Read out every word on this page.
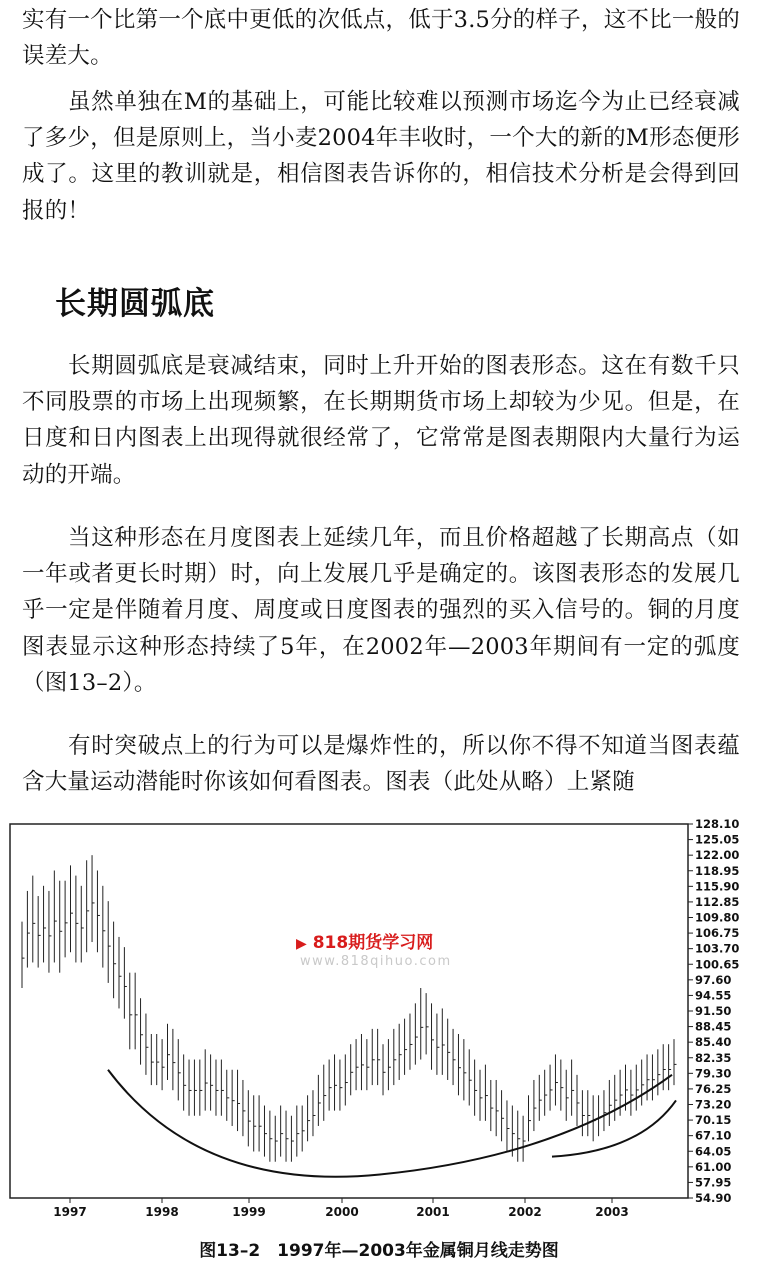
实有一个比第一个底中更低的次低点，低于3.5分的样子，这不比一般的误差大。
虽然单独在M的基础上，可能比较难以预测市场迄今为止已经衰减了多少，但是原则上，当小麦2004年丰收时，一个大的新的M形态便形成了。这里的教训就是，相信图表告诉你的，相信技术分析是会得到回报的！
长期圆弧底
长期圆弧底是衰减结束，同时上升开始的图表形态。这在有数千只不同股票的市场上出现频繁，在长期期货市场上却较为少见。但是，在日度和日内图表上出现得就很经常了，它常常是图表期限内大量行为运动的开端。
当这种形态在月度图表上延续几年，而且价格超越了长期高点（如一年或者更长时期）时，向上发展几乎是确定的。该图表形态的发展几乎一定是伴随着月度、周度或日度图表的强烈的买入信号的。铜的月度图表显示这种形态持续了5年，在2002年—2003年期间有一定的弧度（图13–2）。
有时突破点上的行为可以是爆炸性的，所以你不得不知道当图表蕴含大量运动潜能时你该如何看图表。图表（此处从略）上紧随
128.10
125.05
122.00
118.95
115.90
112.85
109.80
106.75
103.70
100.65
97.60
94.55
91.50
88.45
85.40
82.35
79.30
76.25
73.20
70.15
67.10
64.05
61.00
57.95
54.90
1997	1998	1999	2000	2001	2002	2003
▶ 818期货学习网
www.818qihuo.com
图13–2　1997年—2003年金属铜月线走势图
